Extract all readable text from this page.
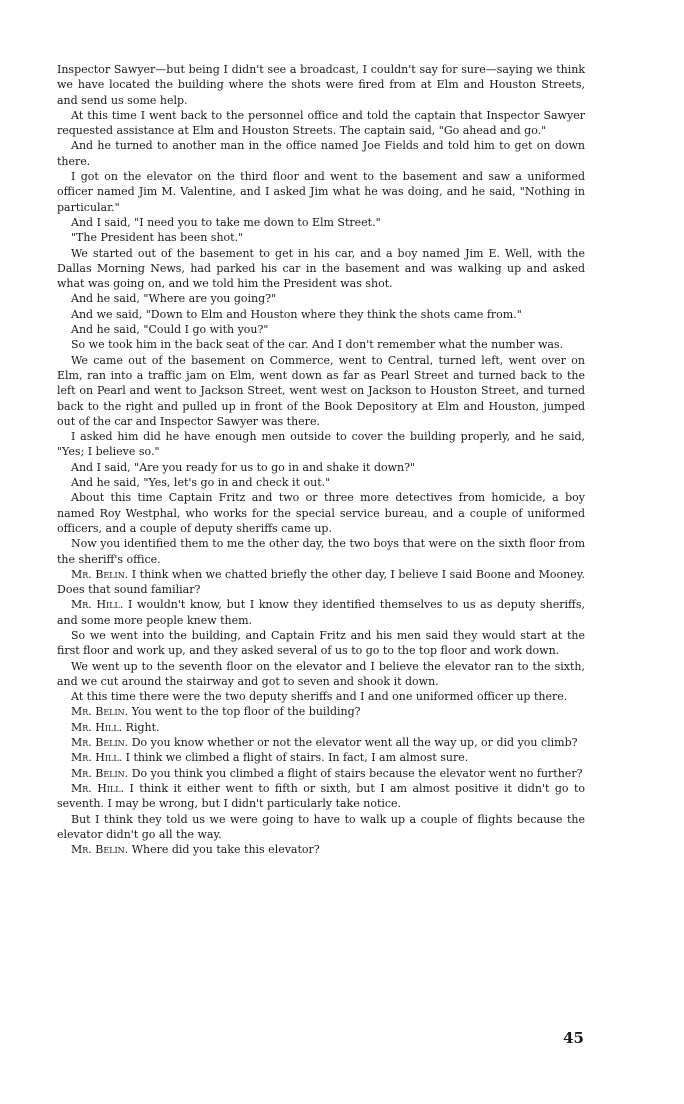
Inspector Sawyer—but being I didn't see a broadcast, I couldn't say for sure—saying we think we have located the building where the shots were fired from at Elm and Houston Streets, and send us some help.

At this time I went back to the personnel office and told the captain that Inspector Sawyer requested assistance at Elm and Houston Streets. The captain said, "Go ahead and go."

And he turned to another man in the office named Joe Fields and told him to get on down there.

I got on the elevator on the third floor and went to the basement and saw a uniformed officer named Jim M. Valentine, and I asked Jim what he was doing, and he said, "Nothing in particular."

And I said, "I need you to take me down to Elm Street."

"The President has been shot."

We started out of the basement to get in his car, and a boy named Jim E. Well, with the Dallas Morning News, had parked his car in the basement and was walking up and asked what was going on, and we told him the President was shot.

And he said, "Where are you going?"

And we said, "Down to Elm and Houston where they think the shots came from."

And he said, "Could I go with you?"

So we took him in the back seat of the car. And I don't remember what the number was.

We came out of the basement on Commerce, went to Central, turned left, went over on Elm, ran into a traffic jam on Elm, went down as far as Pearl Street and turned back to the left on Pearl and went to Jackson Street, went west on Jackson to Houston Street, and turned back to the right and pulled up in front of the Book Depository at Elm and Houston, jumped out of the car and Inspector Sawyer was there.

I asked him did he have enough men outside to cover the building properly, and he said, "Yes; I believe so."

And I said, "Are you ready for us to go in and shake it down?"

And he said, "Yes, let's go in and check it out."

About this time Captain Fritz and two or three more detectives from homicide, a boy named Roy Westphal, who works for the special service bureau, and a couple of uniformed officers, and a couple of deputy sheriffs came up.

Now you identified them to me the other day, the two boys that were on the sixth floor from the sheriff's office.

Mr. Belin. I think when we chatted briefly the other day, I believe I said Boone and Mooney. Does that sound familiar?

Mr. Hill. I wouldn't know, but I know they identified themselves to us as deputy sheriffs, and some more people knew them.

So we went into the building, and Captain Fritz and his men said they would start at the first floor and work up, and they asked several of us to go to the top floor and work down.

We went up to the seventh floor on the elevator and I believe the elevator ran to the sixth, and we cut around the stairway and got to seven and shook it down.

At this time there were the two deputy sheriffs and I and one uniformed officer up there.

Mr. Belin. You went to the top floor of the building?

Mr. Hill. Right.

Mr. Belin. Do you know whether or not the elevator went all the way up, or did you climb?

Mr. Hill. I think we climbed a flight of stairs. In fact, I am almost sure.

Mr. Belin. Do you think you climbed a flight of stairs because the elevator went no further?

Mr. Hill. I think it either went to fifth or sixth, but I am almost positive it didn't go to seventh. I may be wrong, but I didn't particularly take notice.

But I think they told us we were going to have to walk up a couple of flights because the elevator didn't go all the way.

Mr. Belin. Where did you take this elevator?

45
